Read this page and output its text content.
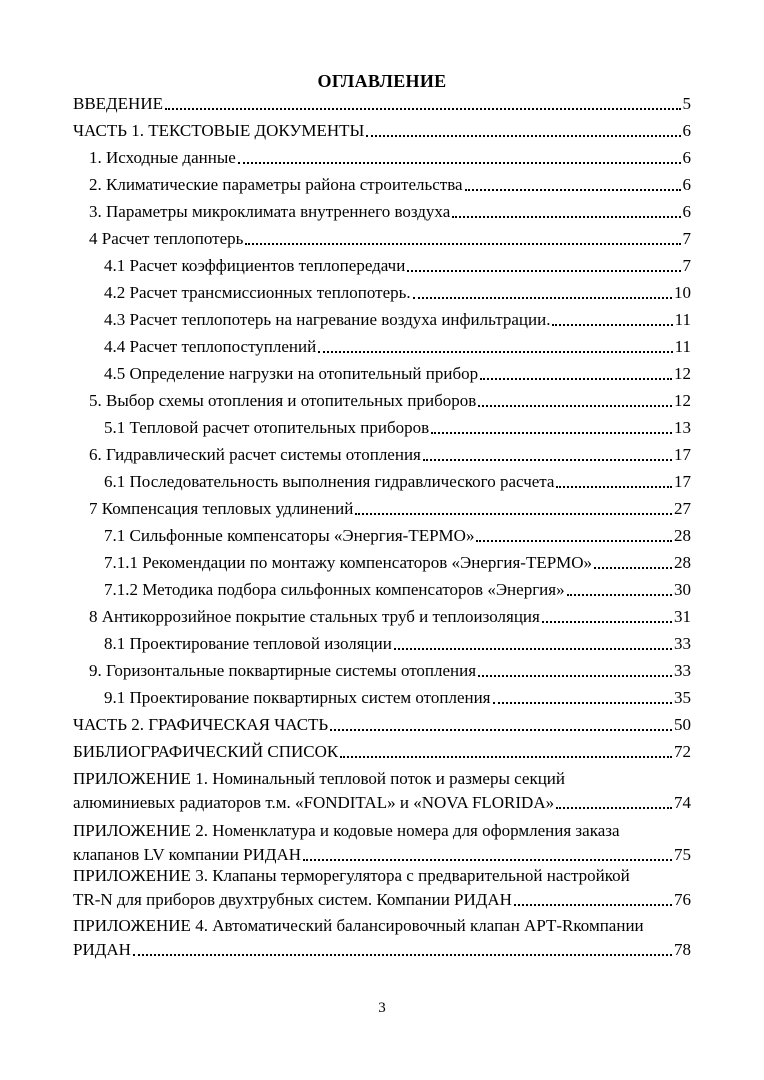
ОГЛАВЛЕНИЕ
ВВЕДЕНИЕ	5
ЧАСТЬ 1. ТЕКСТОВЫЕ ДОКУМЕНТЫ	6
1. Исходные данные	6
2. Климатические параметры района строительства	6
3. Параметры микроклимата внутреннего воздуха	6
4 Расчет теплопотерь	7
4.1 Расчет коэффициентов теплопередачи	7
4.2 Расчет трансмиссионных теплопотерь.	10
4.3 Расчет теплопотерь на нагревание воздуха инфильтрации.	11
4.4 Расчет теплопоступлений	11
4.5 Определение нагрузки на отопительный прибор	12
5. Выбор схемы отопления и отопительных приборов	12
5.1 Тепловой расчет отопительных приборов	13
6. Гидравлический расчет системы отопления	17
6.1 Последовательность выполнения гидравлического расчета	17
7 Компенсация тепловых удлинений	27
7.1 Сильфонные компенсаторы «Энергия-ТЕРМО»	28
7.1.1 Рекомендации по монтажу компенсаторов «Энергия-ТЕРМО»	28
7.1.2 Методика подбора сильфонных компенсаторов «Энергия»	30
8 Антикоррозийное покрытие стальных труб и теплоизоляция	31
8.1 Проектирование тепловой изоляции	33
9. Горизонтальные поквартирные системы отопления	33
9.1 Проектирование поквартирных систем отопления	35
ЧАСТЬ 2. ГРАФИЧЕСКАЯ ЧАСТЬ	50
БИБЛИОГРАФИЧЕСКИЙ СПИСОК	72
ПРИЛОЖЕНИЕ 1. Номинальный тепловой поток и размеры секций
алюминиевых радиаторов т.м. «FONDITAL» и «NOVA FLORIDA»	74
ПРИЛОЖЕНИЕ 2. Номенклатура и кодовые номера для оформления заказа
клапанов LV компании РИДАН	75
ПРИЛОЖЕНИЕ 3. Клапаны терморегулятора с предварительной настройкой
TR-N для приборов двухтрубных систем. Компании РИДАН	76
ПРИЛОЖЕНИЕ 4. Автоматический балансировочный клапан АРТ-Rкомпании
РИДАН	78
3
